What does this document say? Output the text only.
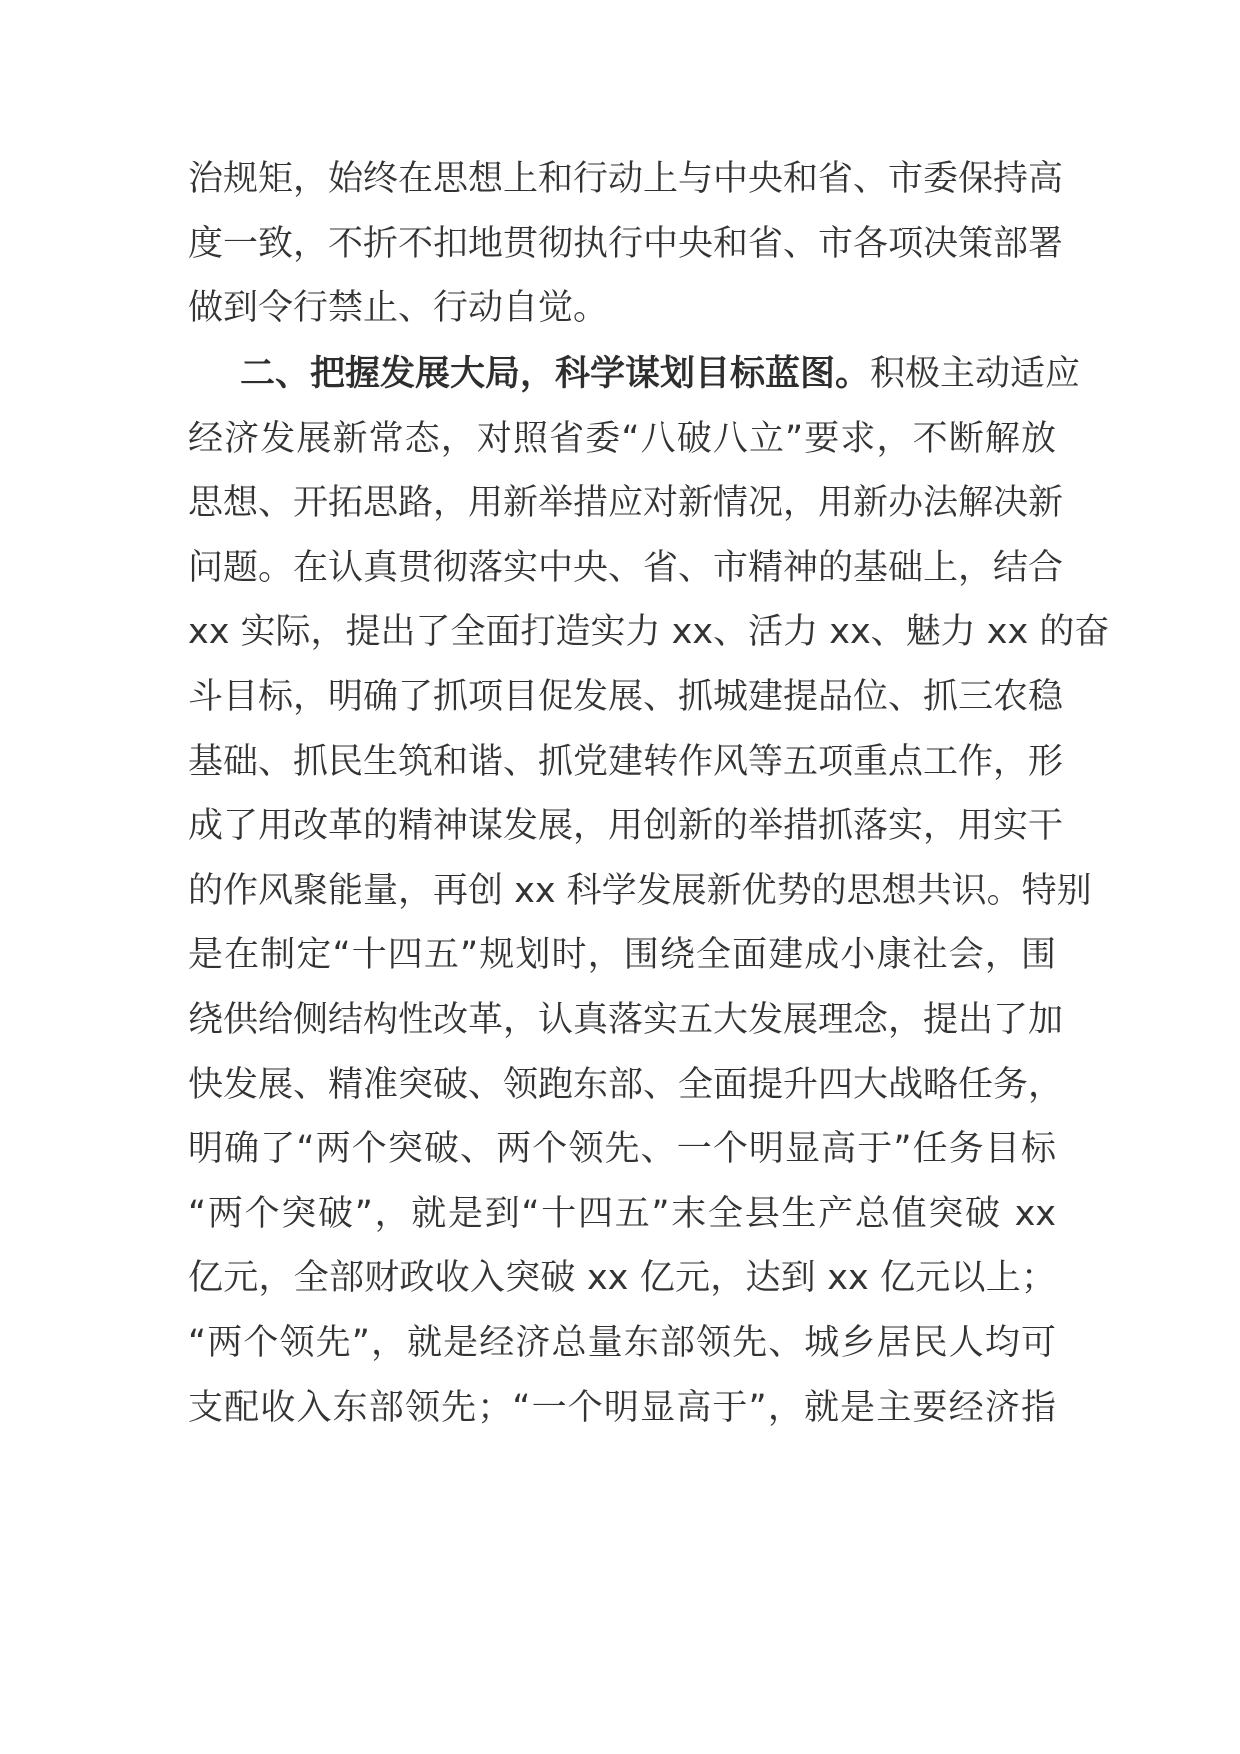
治规矩，始终在思想上和行动上与中央和省、市委保持高
度一致，不折不扣地贯彻执行中央和省、市各项决策部署
做到令行禁止、行动自觉。
二、把握发展大局，科学谋划目标蓝图。积极主动适应
经济发展新常态，对照省委“八破八立”要求，不断解放
思想、开拓思路，用新举措应对新情况，用新办法解决新
问题。在认真贯彻落实中央、省、市精神的基础上，结合
xx 实际，提出了全面打造实力 xx、活力 xx、魅力 xx 的奋
斗目标，明确了抓项目促发展、抓城建提品位、抓三农稳
基础、抓民生筑和谐、抓党建转作风等五项重点工作，形
成了用改革的精神谋发展，用创新的举措抓落实，用实干
的作风聚能量，再创 xx 科学发展新优势的思想共识。特别
是在制定“十四五”规划时，围绕全面建成小康社会，围
绕供给侧结构性改革，认真落实五大发展理念，提出了加
快发展、精准突破、领跑东部、全面提升四大战略任务，
明确了“两个突破、两个领先、一个明显高于”任务目标
“两个突破”，就是到“十四五”末全县生产总值突破 xx
亿元，全部财政收入突破 xx 亿元，达到 xx 亿元以上；
“两个领先”，就是经济总量东部领先、城乡居民人均可
支配收入东部领先；“一个明显高于”，就是主要经济指
